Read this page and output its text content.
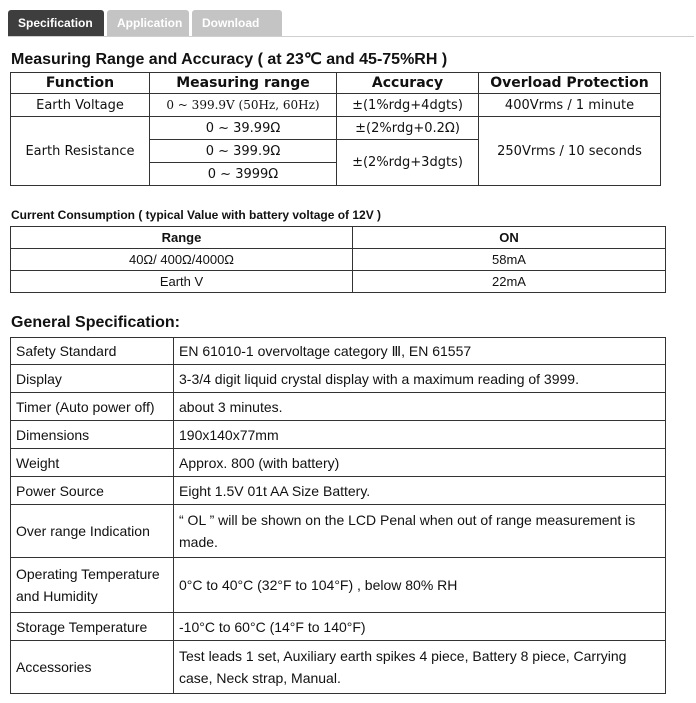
Specification	Application	Download
Measuring Range and Accuracy ( at 23℃ and 45-75%RH )
Function	Measuring range	Accuracy	Overload Protection
Earth Voltage	0 ~ 399.9V (50Hz, 60Hz)	±(1%rdg+4dgts)	400Vrms / 1 minute
Earth Resistance	0 ~ 39.99Ω	±(2%rdg+0.2Ω)	250Vrms / 10 seconds
	0 ~ 399.9Ω	±(2%rdg+3dgts)	
	0 ~ 3999Ω		
Current Consumption ( typical Value with battery voltage of 12V )
Range	ON
40Ω/ 400Ω/4000Ω	58mA
Earth V	22mA
General Specification:
Safety Standard	EN 61010-1 overvoltage category Ⅲ, EN 61557
Display	3-3/4 digit liquid crystal display with a maximum reading of 3999.
Timer (Auto power off)	about 3 minutes.
Dimensions	190x140x77mm
Weight	Approx. 800 (with battery)
Power Source	Eight 1.5V 01t AA Size Battery.
Over range Indication	“ OL ” will be shown on the LCD Penal when out of range measurement is made.
Operating Temperature and Humidity	0°C to 40°C (32°F to 104°F) , below 80% RH
Storage Temperature	-10°C to 60°C (14°F to 140°F)
Accessories	Test leads 1 set, Auxiliary earth spikes 4 piece, Battery 8 piece, Carrying case, Neck strap, Manual.
